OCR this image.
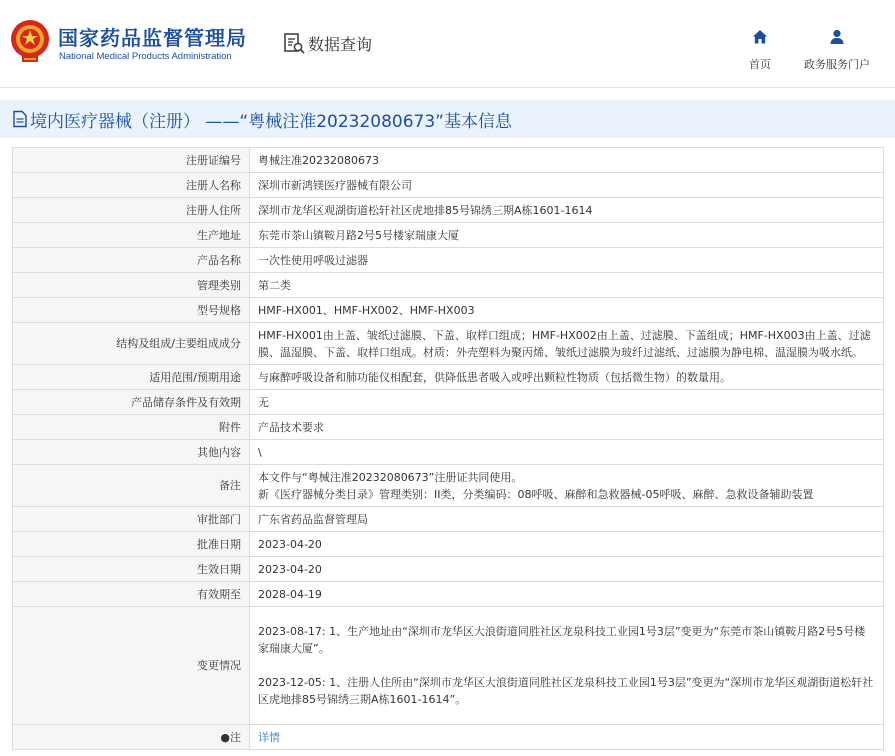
国家药品监督管理局
National Medical Products Administration
数据查询
首页	政务服务门户
境内医疗器械（注册） ——“粤械注准20232080673”基本信息
注册证编号	粤械注准20232080673
注册人名称	深圳市新鸿镁医疗器械有限公司
注册人住所	深圳市龙华区观湖街道松轩社区虎地排85号锦绣三期A栋1601-1614
生产地址	东莞市茶山镇鞍月路2号5号楼家瑞康大厦
产品名称	一次性使用呼吸过滤器
管理类别	第二类
型号规格	HMF-HX001、HMF-HX002、HMF-HX003
结构及组成/主要组成成分	HMF-HX001由上盖、皱纸过滤膜、下盖、取样口组成；HMF-HX002由上盖、过滤膜、下盖组成；HMF-HX003由上盖、过滤膜、温湿膜、下盖、取样口组成。材质：外壳塑料为聚丙烯、皱纸过滤膜为玻纤过滤纸、过滤膜为静电棉、温湿膜为吸水纸。
适用范围/预期用途	与麻醉呼吸设备和肺功能仪相配套，供降低患者吸入或呼出颗粒性物质（包括微生物）的数量用。
产品储存条件及有效期	无
附件	产品技术要求
其他内容	\
备注	本文件与“粤械注准20232080673”注册证共同使用。

新《医疗器械分类目录》管理类别：II类，分类编码：08呼吸、麻醉和急救器械-05呼吸、麻醉、急救设备辅助装置

审批部门	广东省药品监督管理局
批准日期	2023-04-20
生效日期	2023-04-20
有效期至	2028-04-19
变更情况	2023-08-17: 1、生产地址由“深圳市龙华区大浪街道同胜社区龙泉科技工业园1号3层”变更为“东莞市茶山镇鞍月路2号5号楼家瑞康大厦”。

2023-12-05: 1、注册人住所由“深圳市龙华区大浪街道同胜社区龙泉科技工业园1号3层”变更为“深圳市龙华区观湖街道松轩社区虎地排85号锦绣三期A栋1601-1614”。

●注	详情
